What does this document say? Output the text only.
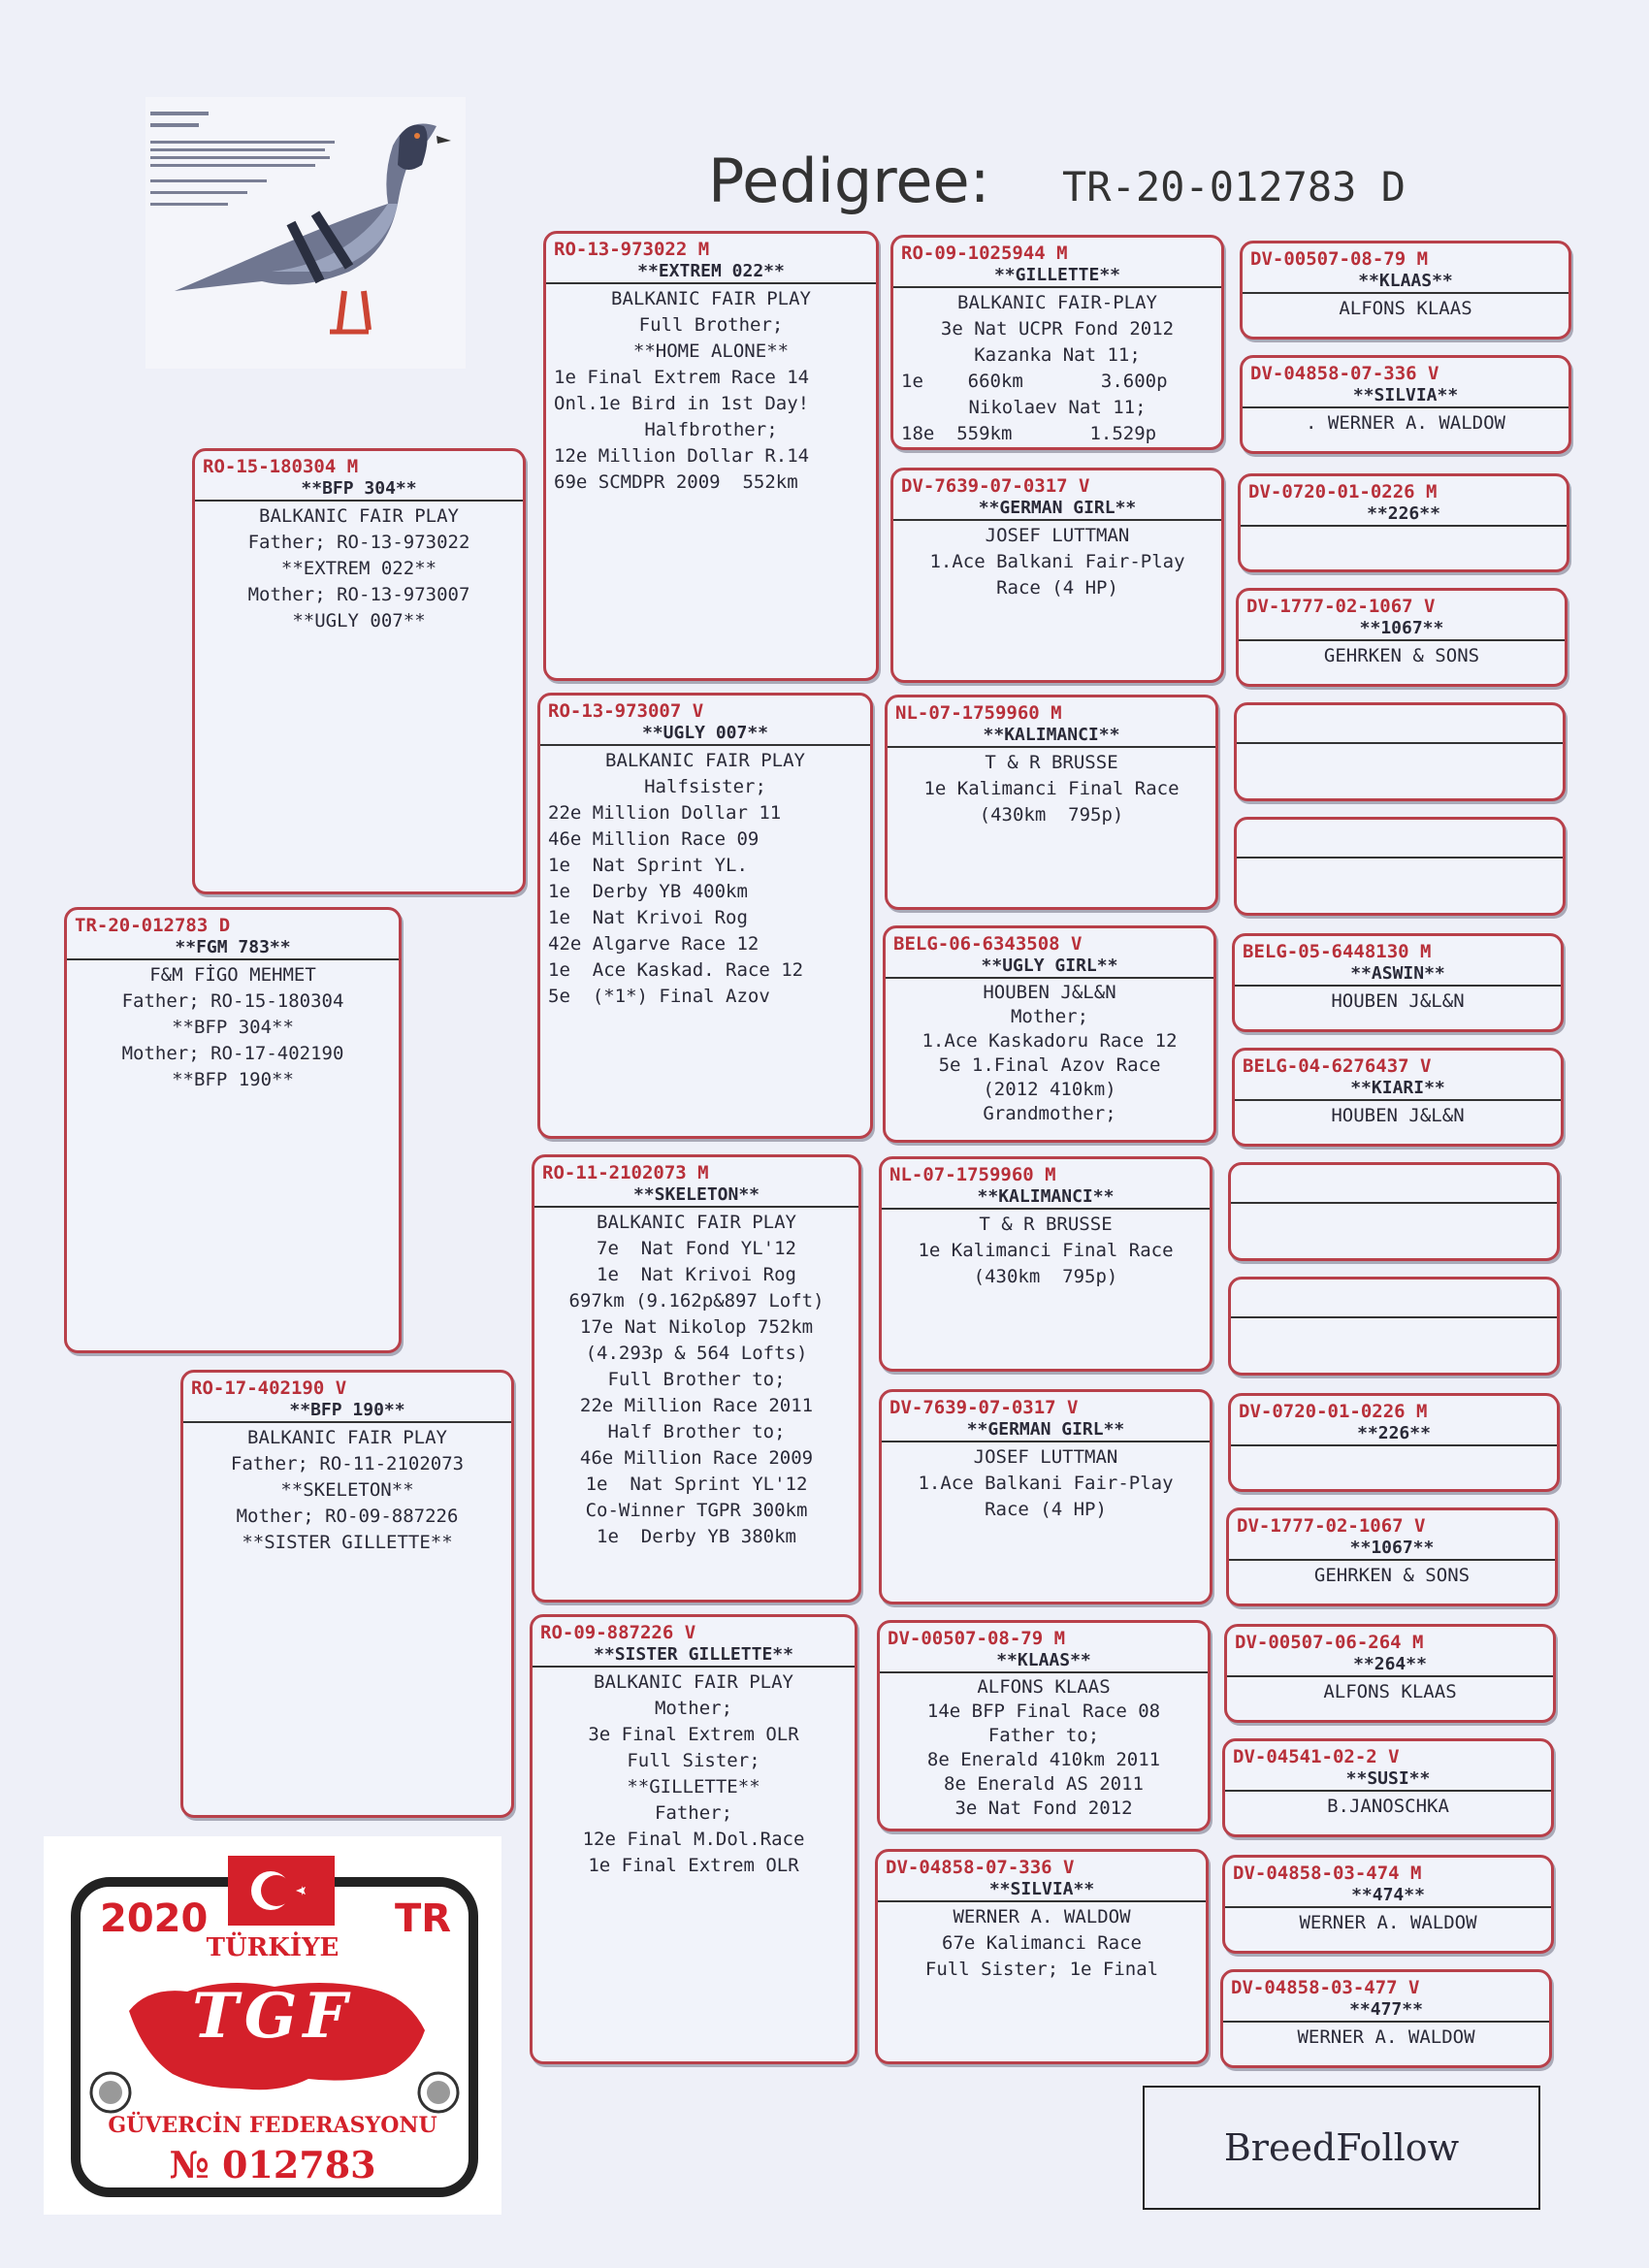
Pedigree: TR-20-012783 D
TR-20-012783 D
**FGM 783**
F&M FİGO MEHMET
Father; RO-15-180304
**BFP 304**
Mother; RO-17-402190
**BFP 190**
RO-15-180304 M
**BFP 304**
BALKANIC FAIR PLAY
Father; RO-13-973022
**EXTREM 022**
Mother; RO-13-973007
**UGLY 007**
RO-17-402190 V
**BFP 190**
BALKANIC FAIR PLAY
Father; RO-11-2102073
**SKELETON**
Mother; RO-09-887226
**SISTER GILLETTE**
RO-13-973022 M
**EXTREM 022**
BALKANIC FAIR PLAY
Full Brother;
**HOME ALONE**
1e Final Extrem Race 14
Onl.1e Bird in 1st Day!
Halfbrother;
12e Million Dollar R.14
69e SCMDPR 2009  552km
RO-13-973007 V
**UGLY 007**
BALKANIC FAIR PLAY
Halfsister;
22e Million Dollar 11
46e Million Race 09
1e  Nat Sprint YL.
1e  Derby YB 400km
1e  Nat Krivoi Rog
42e Algarve Race 12
1e  Ace Kaskad. Race 12
5e  (*1*) Final Azov
RO-11-2102073 M
**SKELETON**
BALKANIC FAIR PLAY
7e  Nat Fond YL'12
1e  Nat Krivoi Rog
697km (9.162p&897 Loft)
17e Nat Nikolop 752km
(4.293p & 564 Lofts)
Full Brother to;
22e Million Race 2011
Half Brother to;
46e Million Race 2009
1e  Nat Sprint YL'12
Co-Winner TGPR 300km
1e  Derby YB 380km
RO-09-887226 V
**SISTER GILLETTE**
BALKANIC FAIR PLAY
Mother;
3e Final Extrem OLR
Full Sister;
**GILLETTE**
Father;
12e Final M.Dol.Race
1e Final Extrem OLR
RO-09-1025944 M
**GILLETTE**
BALKANIC FAIR-PLAY
3e Nat UCPR Fond 2012
Kazanka Nat 11;
1e    660km       3.600p
Nikolaev Nat 11;
18e  559km       1.529p
DV-7639-07-0317 V
**GERMAN GIRL**
JOSEF LUTTMAN
1.Ace Balkani Fair-Play
Race (4 HP)
NL-07-1759960 M
**KALIMANCI**
T & R BRUSSE
1e Kalimanci Final Race
(430km  795p)
BELG-06-6343508 V
**UGLY GIRL**
HOUBEN J&L&N
Mother;
1.Ace Kaskadoru Race 12
5e 1.Final Azov Race
(2012 410km)
Grandmother;
NL-07-1759960 M
**KALIMANCI**
T & R BRUSSE
1e Kalimanci Final Race
(430km  795p)
DV-7639-07-0317 V
**GERMAN GIRL**
JOSEF LUTTMAN
1.Ace Balkani Fair-Play
Race (4 HP)
DV-00507-08-79 M
**KLAAS**
ALFONS KLAAS
14e BFP Final Race 08
Father to;
8e Enerald 410km 2011
8e Enerald AS 2011
3e Nat Fond 2012
DV-04858-07-336 V
**SILVIA**
WERNER A. WALDOW
67e Kalimanci Race
Full Sister; 1e Final
DV-00507-08-79 M
**KLAAS**
ALFONS KLAAS
DV-04858-07-336 V
**SILVIA**
. WERNER A. WALDOW
DV-0720-01-0226 M
**226**
DV-1777-02-1067 V
**1067**
GEHRKEN & SONS
BELG-05-6448130 M
**ASWIN**
HOUBEN J&L&N
BELG-04-6276437 V
**KIARI**
HOUBEN J&L&N
DV-0720-01-0226 M
**226**
DV-1777-02-1067 V
**1067**
GEHRKEN & SONS
DV-00507-06-264 M
**264**
ALFONS KLAAS
DV-04541-02-2 V
**SUSI**
B.JANOSCHKA
DV-04858-03-474 M
**474**
WERNER A. WALDOW
DV-04858-03-477 V
**477**
WERNER A. WALDOW
2020	TR
TÜRKİYE
TGF
GÜVERCİN FEDERASYONU
№ 012783	BreedFollow
